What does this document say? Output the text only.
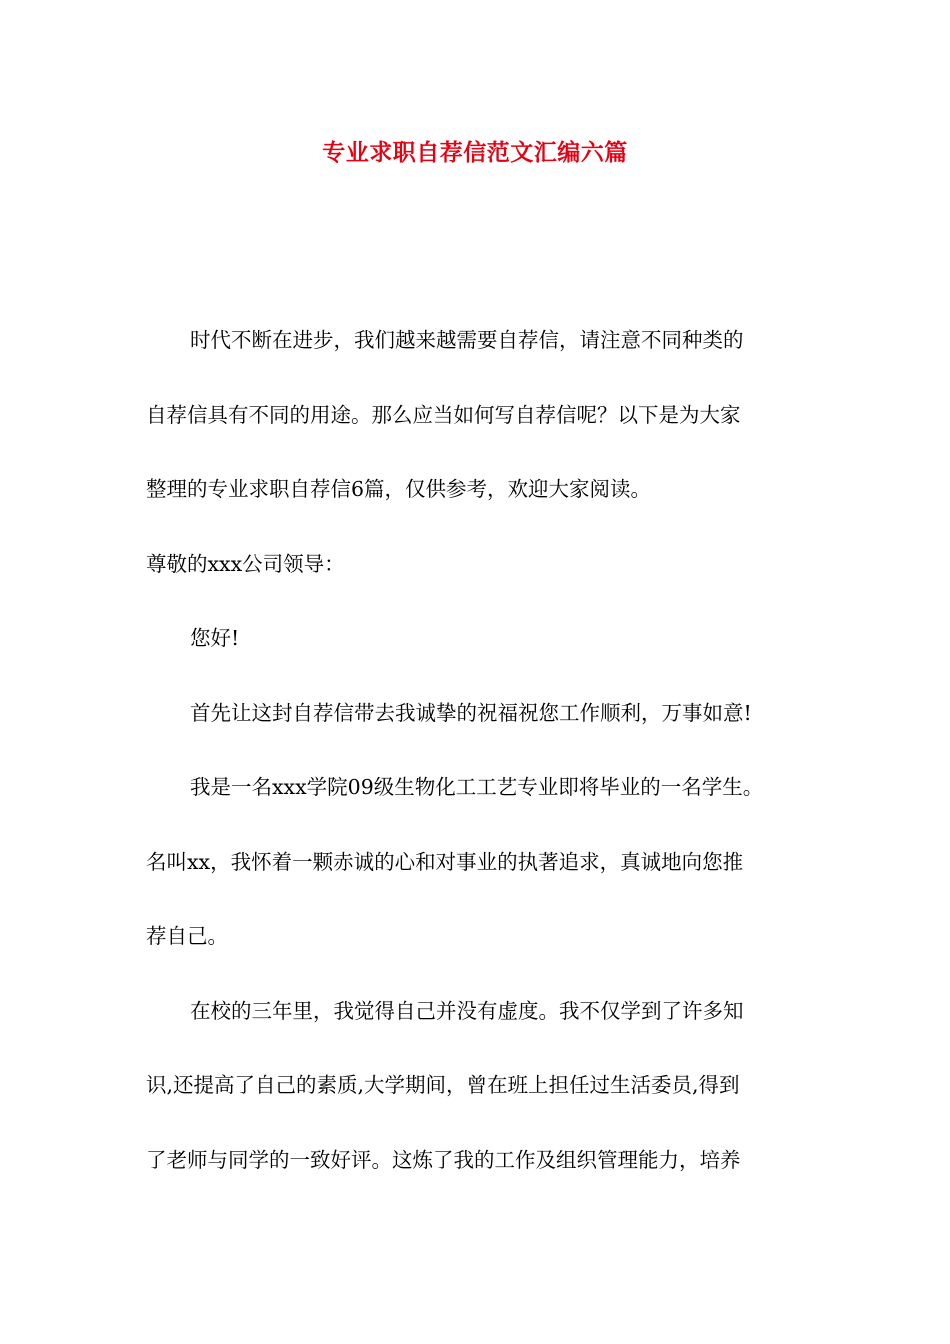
专业求职自荐信范文汇编六篇
时代不断在进步，我们越来越需要自荐信，请注意不同种类的
自荐信具有不同的用途。那么应当如何写自荐信呢？以下是为大家
整理的专业求职自荐信6篇，仅供参考，欢迎大家阅读。
尊敬的xxx公司领导：
您好!
首先让这封自荐信带去我诚挚的祝福祝您工作顺利，万事如意!
我是一名xxx学院09级生物化工工艺专业即将毕业的一名学生。
名叫xx，我怀着一颗赤诚的心和对事业的执著追求，真诚地向您推
荐自己。
在校的三年里，我觉得自己并没有虚度。我不仅学到了许多知
识,还提高了自己的素质,大学期间，曾在班上担任过生活委员,得到
了老师与同学的一致好评。这炼了我的工作及组织管理能力，培养
